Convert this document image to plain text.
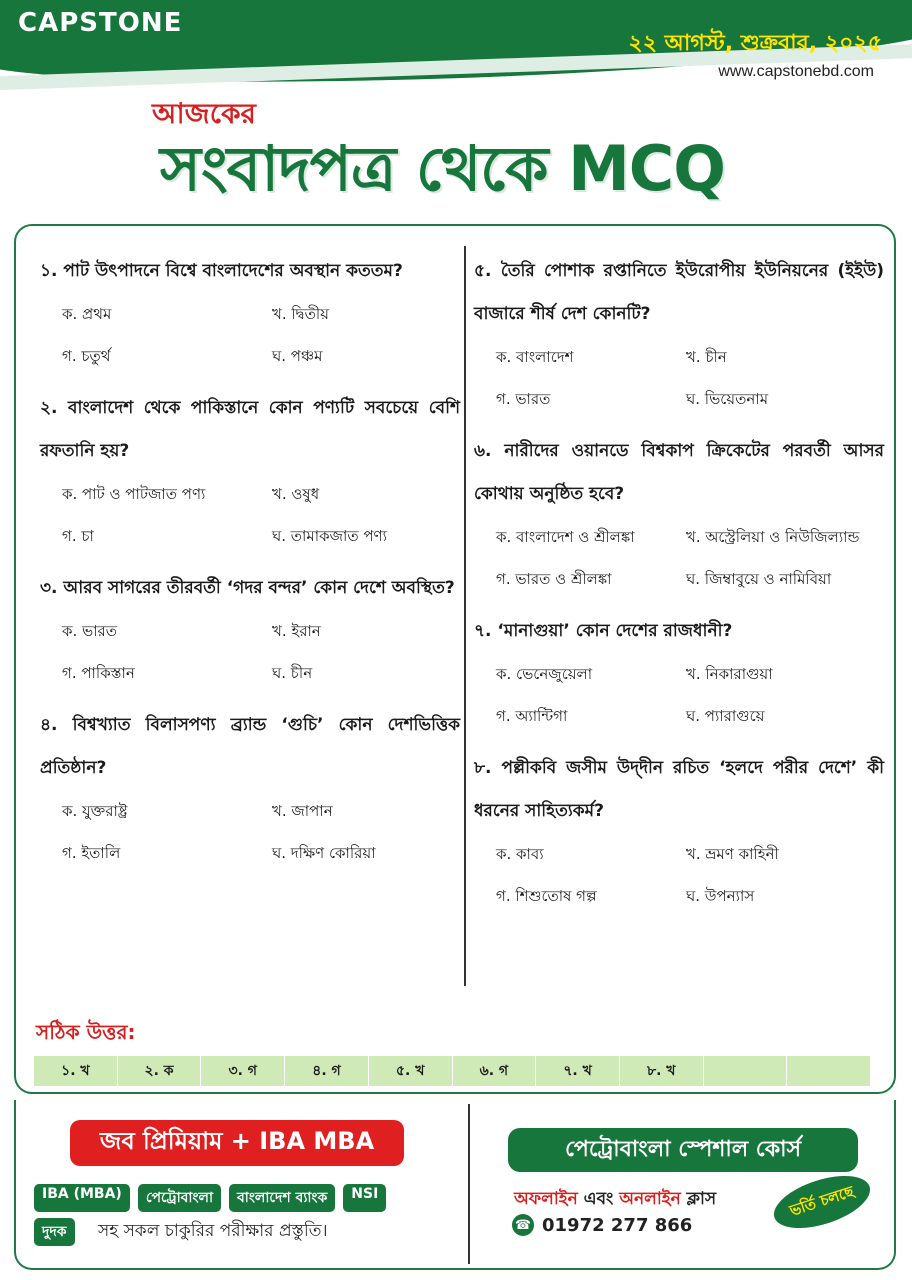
CAPSTONE
২২ আগস্ট, শুক্রবার, ২০২৫
www.capstonebd.com
আজকের
সংবাদপত্র থেকে MCQ
১. পাট উৎপাদনে বিশ্বে বাংলাদেশের অবস্থান কততম?
ক. প্রথম	খ. দ্বিতীয়
গ. চতুর্থ	ঘ. পঞ্চম
২. বাংলাদেশ থেকে পাকিস্তানে কোন পণ্যটি সবচেয়ে বেশি রফতানি হয়?
ক. পাট ও পাটজাত পণ্য	খ. ওষুধ
গ. চা	ঘ. তামাকজাত পণ্য
৩. আরব সাগরের তীরবর্তী ‘গদর বন্দর’ কোন দেশে অবস্থিত?
ক. ভারত	খ. ইরান
গ. পাকিস্তান	ঘ. চীন
৪. বিশ্বখ্যাত বিলাসপণ্য ব্র্যান্ড ‘গুচি’ কোন দেশভিত্তিক প্রতিষ্ঠান?
ক. যুক্তরাষ্ট্র	খ. জাপান
গ. ইতালি	ঘ. দক্ষিণ কোরিয়া
৫. তৈরি পোশাক রপ্তানিতে ইউরোপীয় ইউনিয়নের (ইইউ) বাজারে শীর্ষ দেশ কোনটি?
ক. বাংলাদেশ	খ. চীন
গ. ভারত	ঘ. ভিয়েতনাম
৬. নারীদের ওয়ানডে বিশ্বকাপ ক্রিকেটের পরবর্তী আসর কোথায় অনুষ্ঠিত হবে?
ক. বাংলাদেশ ও শ্রীলঙ্কা	খ. অস্ট্রেলিয়া ও নিউজিল্যান্ড
গ. ভারত ও শ্রীলঙ্কা	ঘ. জিম্বাবুয়ে ও নামিবিয়া
৭. ‘মানাগুয়া’ কোন দেশের রাজধানী?
ক. ভেনেজুয়েলা	খ. নিকারাগুয়া
গ. অ্যান্টিগা	ঘ. প্যারাগুয়ে
৮. পল্লীকবি জসীম উদ্‌দীন রচিত ‘হলদে পরীর দেশে’ কী ধরনের সাহিত্যকর্ম?
ক. কাব্য	খ. ভ্রমণ কাহিনী
গ. শিশুতোষ গল্প	ঘ. উপন্যাস
সঠিক উত্তর:
১. খ	২. ক	৩. গ	৪. গ	৫. খ	৬. গ	৭. খ	৮. খ
জব প্রিমিয়াম + IBA MBA
IBA (MBA)	পেট্রোবাংলা	বাংলাদেশ ব্যাংক	NSI
দুদক	সহ সকল চাকুরির পরীক্ষার প্রস্তুতি।
পেট্রোবাংলা স্পেশাল কোর্স
অফলাইন এবং অনলাইন ক্লাস
☎ 01972 277 866
ভর্তি চলছে
